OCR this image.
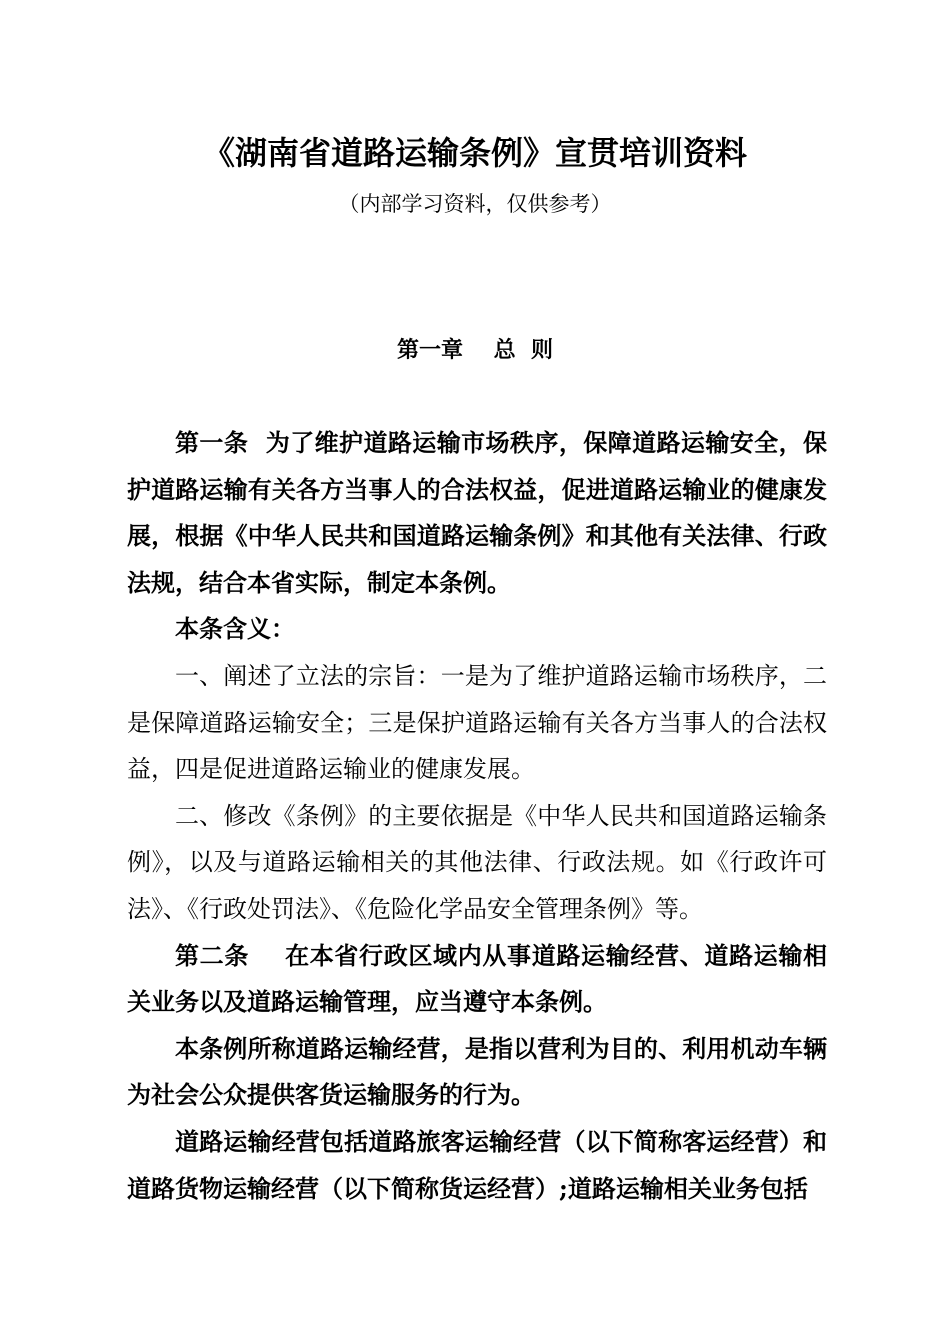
《湖南省道路运输条例》宣贯培训资料
（内部学习资料，仅供参考）
第一章    总  则

第一条  为了维护道路运输市场秩序，保障道路运输安全，保护道路运输有关各方当事人的合法权益，促进道路运输业的健康发展，根据《中华人民共和国道路运输条例》和其他有关法律、行政法规，结合本省实际，制定本条例。

本条含义：

一、阐述了立法的宗旨：一是为了维护道路运输市场秩序，二是保障道路运输安全；三是保护道路运输有关各方当事人的合法权益，四是促进道路运输业的健康发展。

二、修改《条例》的主要依据是《中华人民共和国道路运输条例》，以及与道路运输相关的其他法律、行政法规。如《行政许可法》、《行政处罚法》、《危险化学品安全管理条例》等。

第二条    在本省行政区域内从事道路运输经营、道路运输相关业务以及道路运输管理，应当遵守本条例。

本条例所称道路运输经营，是指以营利为目的、利用机动车辆为社会公众提供客货运输服务的行为。

道路运输经营包括道路旅客运输经营（以下简称客运经营）和道路货物运输经营（以下简称货运经营）;道路运输相关业务包括
